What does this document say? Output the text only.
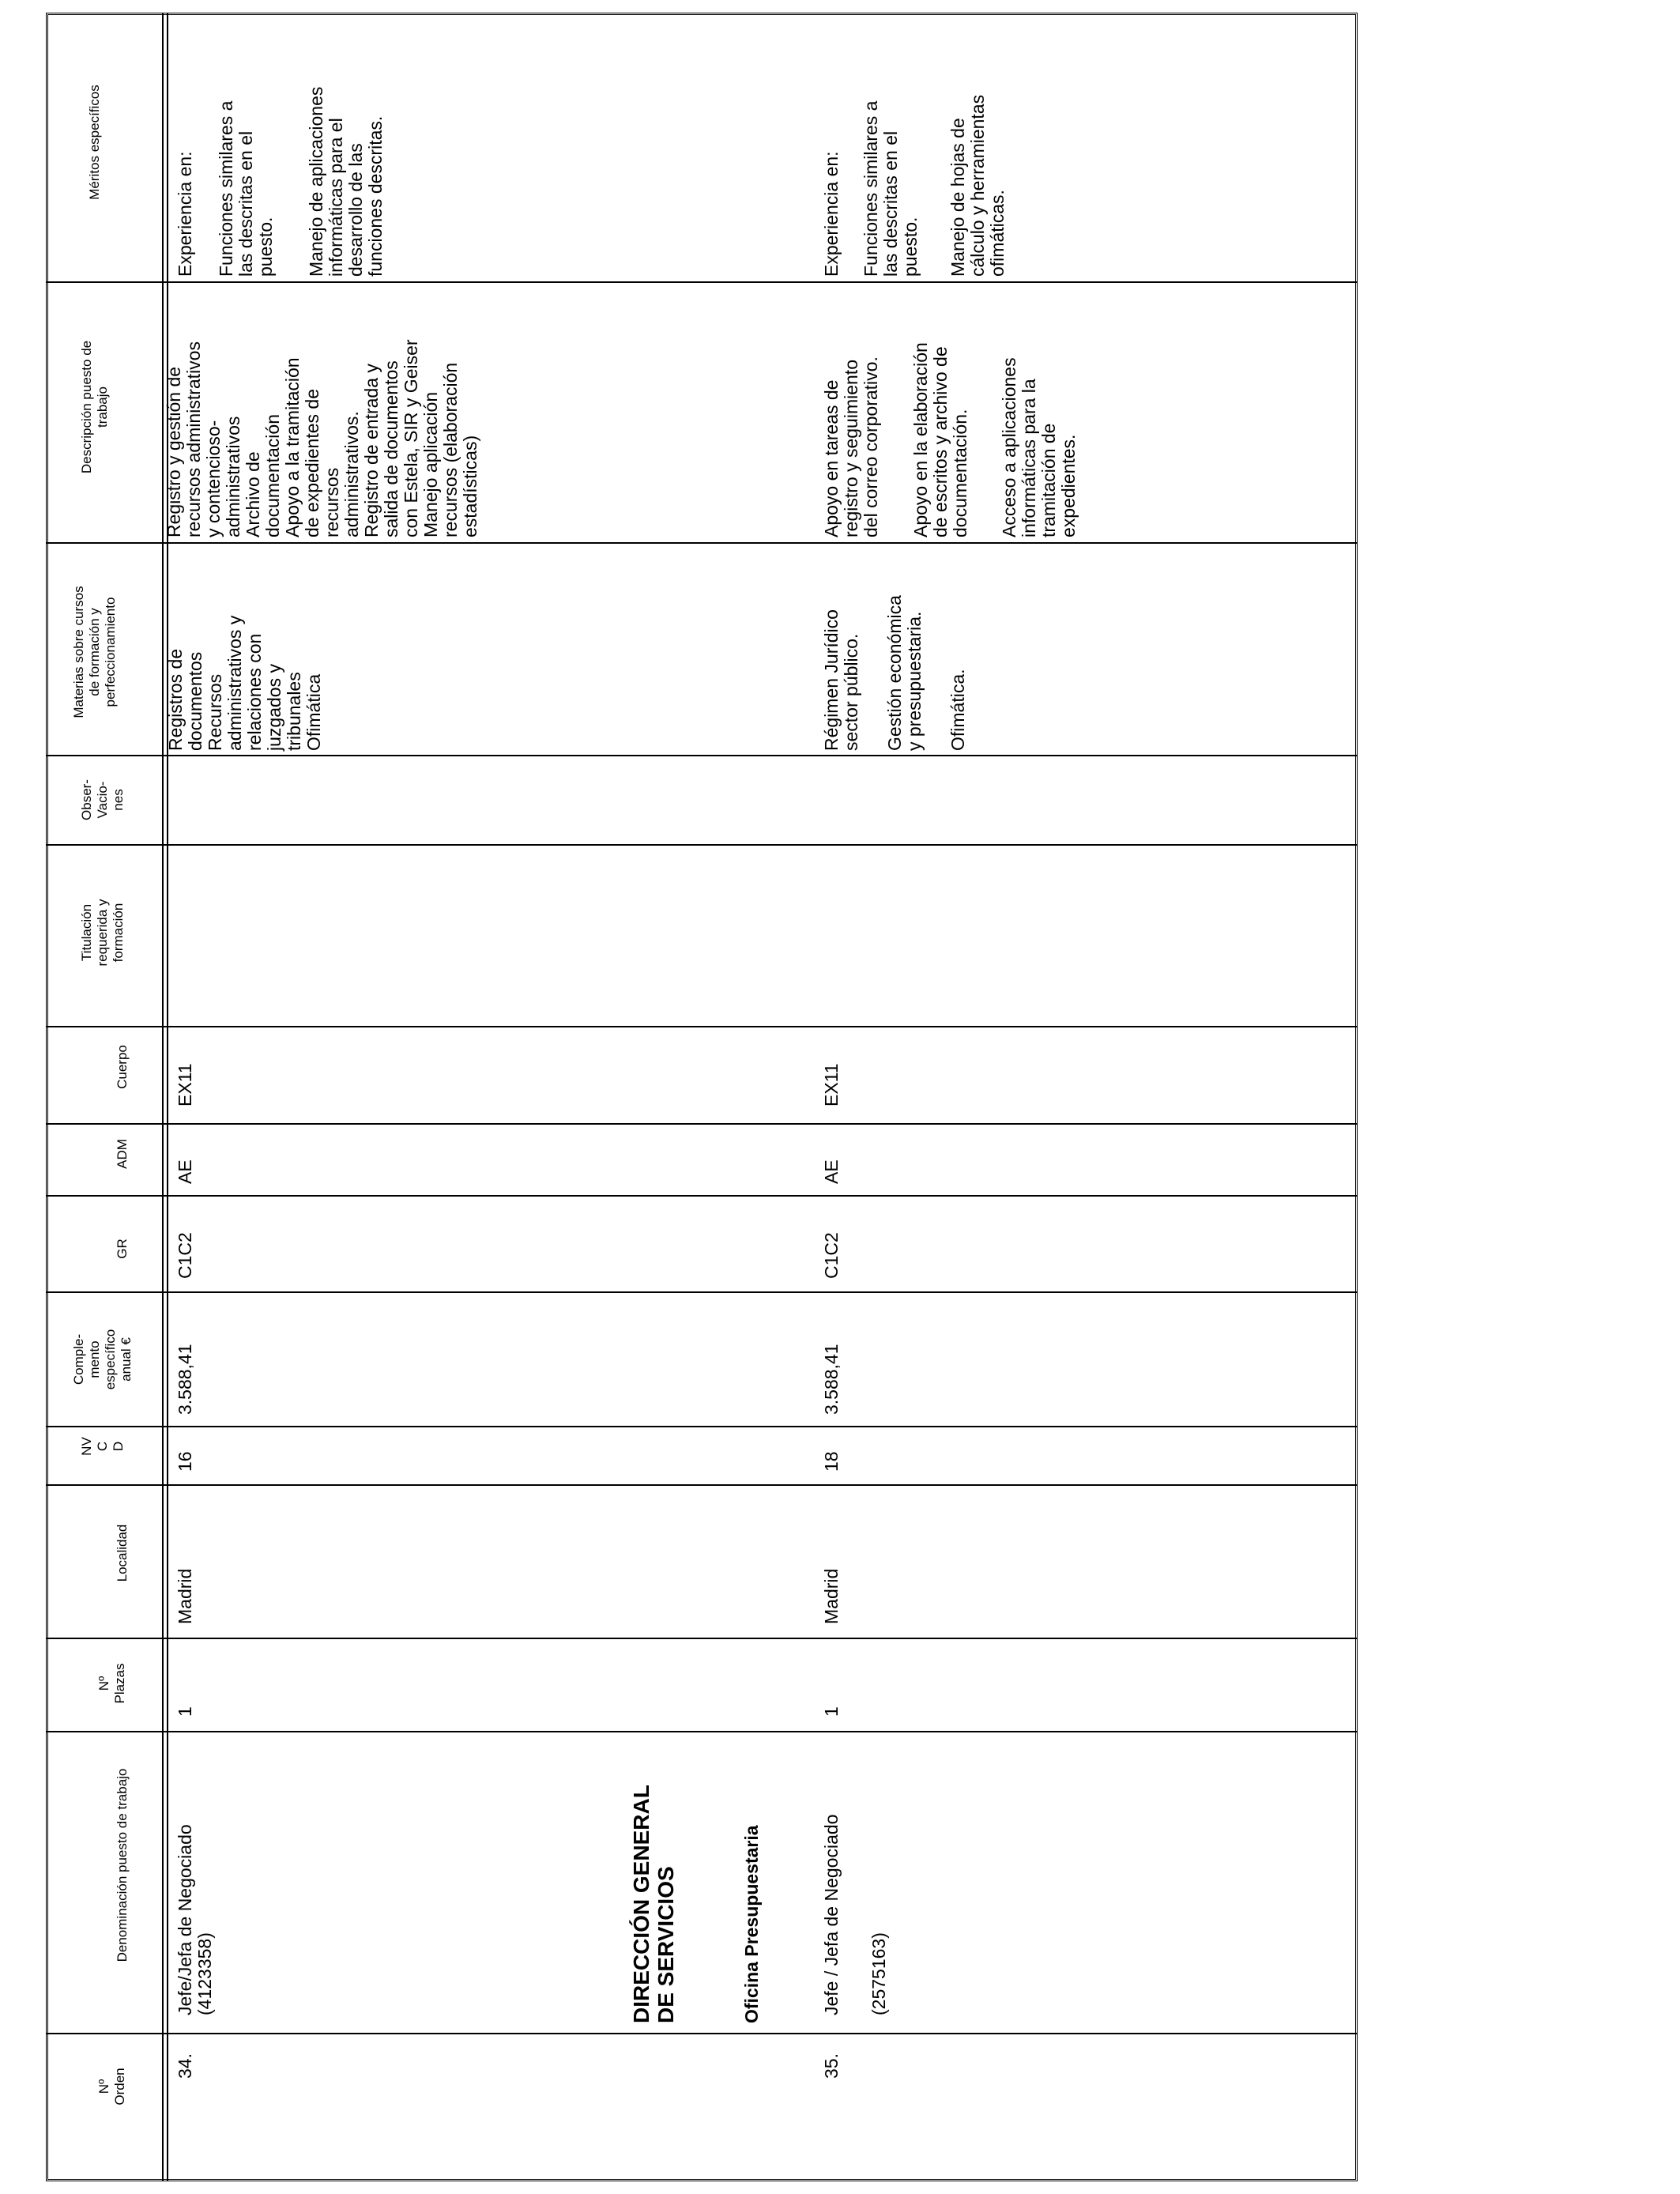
Méritos específicos
Descripción puesto de
trabajo
Materias sobre cursos
de formación y
perfeccionamiento
Obser-
Vacio-
nes
Titulación
requerida y
formación
Cuerpo
ADM
GR
Comple-
mento
específico
anual €
NV
C
D
Localidad
Nº
Plazas
Denominación puesto de trabajo
Nº
Orden
34.
Jefe/Jefa de Negociado
(4123358)
1
Madrid
16
3.588,41
C1C2
AE
EX11
Registros de
documentos
Recursos
administrativos y
relaciones con
juzgados y
tribunales
Ofimática
Registro y gestión de
recursos administrativos
y contencioso-
administrativos
Archivo de
documentación
Apoyo a la tramitación
de expedientes de
recursos
administrativos.
Registro de entrada y
salida de documentos
con Estela, SIR y Geiser
Manejo aplicación
recursos (elaboración
estadísticas)
Experiencia en: Funciones similares a
las descritas en el
puesto. Manejo de aplicaciones
informáticas para el
desarrollo de las
funciones descritas.
DIRECCIÓN GENERAL
DE SERVICIOS	Oficina Presupuestaria
35.
Jefe / Jefa de Negociado (2575163)
1
Madrid
18
3.588,41
C1C2
AE
EX11
Régimen Jurídico
sector público.
Gestión económica
y presupuestaria. Ofimática.
Apoyo en tareas de
registro y seguimiento
del correo corporativo.
Apoyo en la elaboración
de escritos y archivo de
documentación. Acceso a aplicaciones
informáticas para la
tramitación de
expedientes.
Experiencia en: Funciones similares a
las descritas en el
puesto. Manejo de hojas de
cálculo y herramientas
ofimáticas.
